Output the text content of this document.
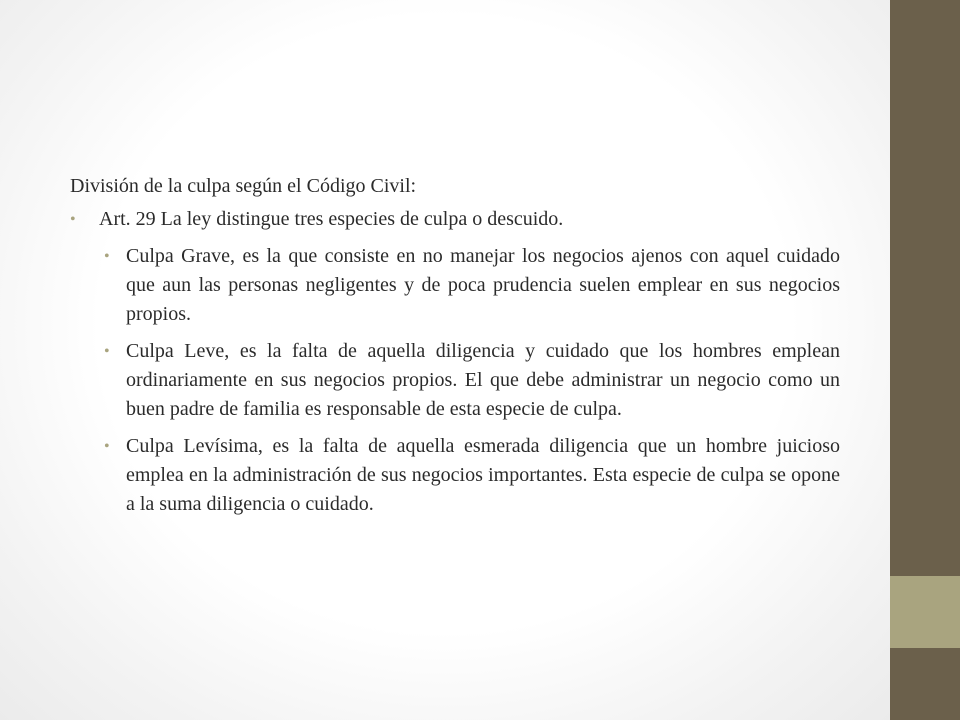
División de la culpa según el Código Civil:
• Art. 29 La ley distingue tres especies de culpa o descuido.
• Culpa Grave, es la que consiste en no manejar los negocios ajenos con aquel cuidado que aun las personas negligentes y de poca prudencia suelen emplear en sus negocios propios.
• Culpa Leve, es la falta de aquella diligencia y cuidado que los hombres emplean ordinariamente en sus negocios propios. El que debe administrar un negocio como un buen padre de familia es responsable de esta especie de culpa.
• Culpa Levísima, es la falta de aquella esmerada diligencia que un hombre juicioso emplea en la administración de sus negocios importantes. Esta especie de culpa se opone a la suma diligencia o cuidado.
